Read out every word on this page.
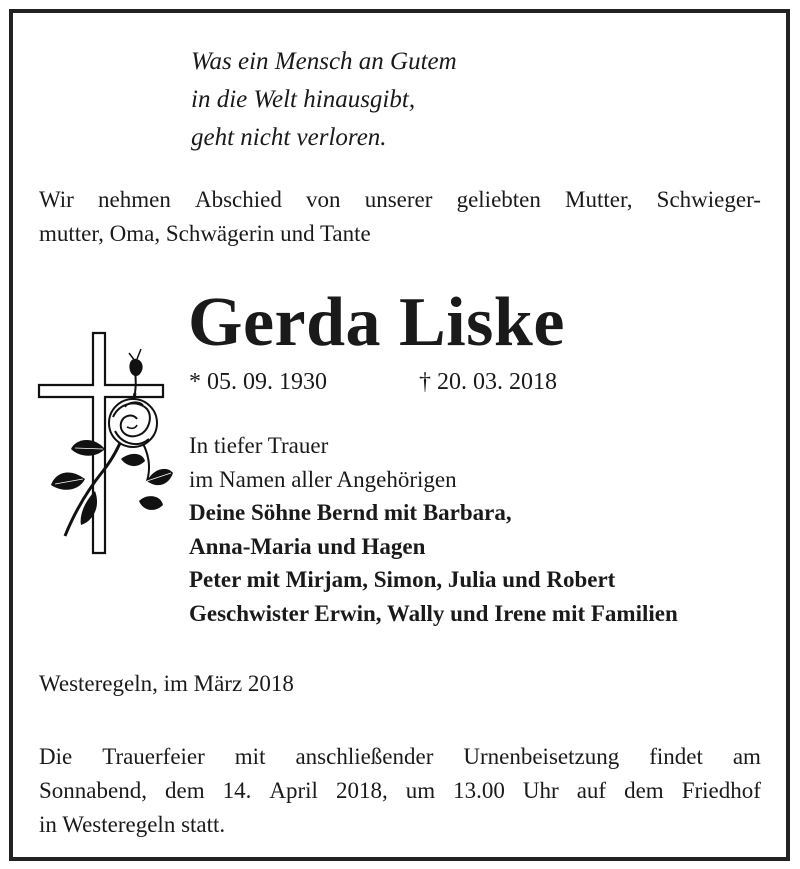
Was ein Mensch an Gutem
in die Welt hinausgibt,
geht nicht verloren.
Wir nehmen Abschied von unserer geliebten Mutter, Schwieger-
mutter, Oma, Schwägerin und Tante
Gerda Liske
* 05. 09. 1930	† 20. 03. 2018
In tiefer Trauer
im Namen aller Angehörigen
Deine Söhne Bernd mit Barbara,
Anna-Maria und Hagen
Peter mit Mirjam, Simon, Julia und Robert
Geschwister Erwin, Wally und Irene mit Familien
Westeregeln, im März 2018
Die Trauerfeier mit anschließender Urnenbeisetzung findet am
Sonnabend, dem 14. April 2018, um 13.00 Uhr auf dem Friedhof
in Westeregeln statt.
